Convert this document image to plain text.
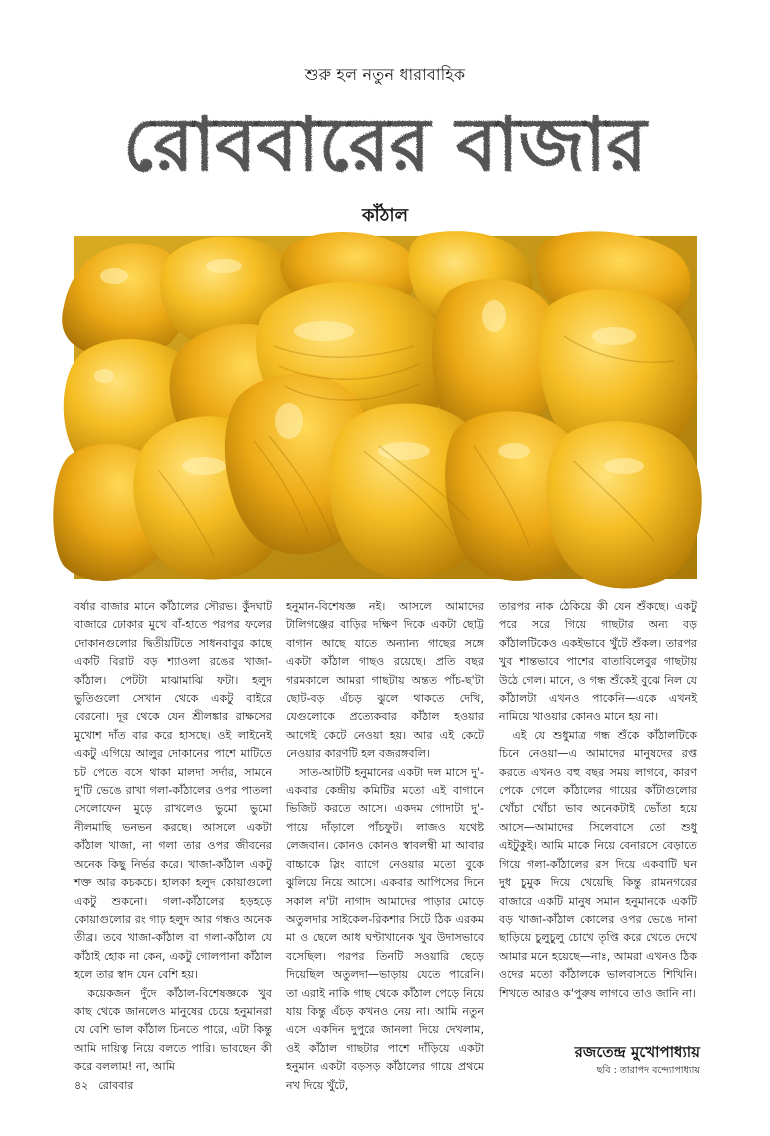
শুরু হল নতুন ধারাবাহিক
রোববারের বাজার
কাঁঠাল

বর্ষার বাজার মানে কাঁঠালের সৌরভ। কুঁদঘাট বাজারে ঢোকার মুখে বাঁ-হাতে পরপর ফলের দোকানগুলোর দ্বিতীয়টিতে সাধনবাবুর কাছে একটি বিরাট বড় শ্যাওলা রঙের খাজা-কাঁঠাল। পেটটা মাঝামাঝি ফটা। হলুদ ভুতিগুলো সেখান থেকে একটু বাইরে বেরনো। দূর থেকে যেন শ্রীলঙ্কার রাক্ষসের মুখোশ দাঁত বার করে হাসছে। ওই লাইনেই একটু এগিয়ে আলুর দোকানের পাশে মাটিতে চট পেতে বসে থাকা মালদা সর্দার, সামনে দু'টি ভেঙে রাখা গলা-কাঁঠালের ওপর পাতলা সেলোফেন মুড়ে রাখলেও ভুমো ভুমো নীলমাছি ভনভন করছে। আসলে একটা কাঁঠাল খাজা, না গলা তার ওপর জীবনের অনেক কিছু নির্ভর করে। খাজা-কাঁঠাল একটু শক্ত আর কচকচে। হালকা হলুদ কোয়াগুলো একটু শুকনো। গলা-কাঁঠালের হড়হড়ে কোয়াগুলোর রং গাঢ় হলুদ আর গন্ধও অনেক তীব্র। তবে খাজা-কাঁঠাল বা গলা-কাঁঠাল যে কাঁঠাই হোক না কেন, একটু গোলপানা কাঁঠাল হলে তার স্বাদ যেন বেশি হয়।

কয়েকজন দুঁদে কাঁঠাল-বিশেষজ্ঞকে খুব কাছ থেকে জানলেও মানুষের চেয়ে হনুমানরা যে বেশি ভাল কাঁঠাল চিনতে পারে, এটা কিন্তু আমি দায়িত্ব নিয়ে বলতে পারি। ভাবছেন কী করে বললাম! না, আমি

হনুমান-বিশেষজ্ঞ নই। আসলে আমাদের টালিগঞ্জের বাড়ির দক্ষিণ দিকে একটা ছোট্ট বাগান আছে যাতে অন্যান্য গাছের সঙ্গে একটা কাঁঠাল গাছও রয়েছে। প্রতি বছর গরমকালে আমরা গাছটায় অন্তত পাঁচ-ছ'টা ছোট-বড় এঁচড় ঝুলে থাকতে দেখি, যেগুলোকে প্রত্যেকবার কাঁঠাল হওয়ার আগেই কেটে নেওয়া হয়। আর এই কেটে নেওয়ার কারণটি হল বজরঙ্গবলি।

সাত-আটটি হনুমানের একটা দল মাসে দু'-একবার কেন্দ্রীয় কমিটির মতো এই বাগানে ভিজিট করতে আসে। একদম গোদাটা দু'-পায়ে দাঁড়ালে পাঁচফুট। লাজও যথেষ্ট লেজবান। কোনও কোনও স্বাবলম্বী মা আবার বাচ্চাকে স্লিং ব্যাগে নেওয়ার মতো বুকে ঝুলিয়ে নিয়ে আসে। একবার আপিসের দিনে সকাল ন'টা নাগাদ আমাদের পাড়ার মোড়ে অতুলদার সাইকেল-রিকশার সিটে ঠিক এরকম মা ও ছেলে আধ ঘণ্টাখানেক খুব উদাসভাবে বসেছিল। পরপর তিনটি সওয়ারি ছেড়ে দিয়েছিল অতুলদা—ভাড়ায় যেতে পারেনি। তা এরাই নাকি গাছ থেকে কাঁঠাল পেড়ে নিয়ে যায় কিন্তু এঁচড় কখনও নেয় না। আমি নতুন এসে একদিন দুপুরে জানলা দিয়ে দেখলাম, ওই কাঁঠাল গাছটার পাশে দাঁড়িয়ে একটা হনুমান একটা বড়সড় কাঁঠালের গায়ে প্রথমে নখ দিয়ে খুঁটে,

তারপর নাক ঠেকিয়ে কী যেন শুঁকছে। একটু পরে সরে গিয়ে গাছটার অন্য বড় কাঁঠালটিকেও একইভাবে খুঁটে শুঁকল। তারপর খুব শান্তভাবে পাশের বাতাবিলেবুর গাছটায় উঠে গেল। মানে, ও গন্ধ শুঁকেই বুঝে নিল যে কাঁঠালটা এখনও পাকেনি—একে এখনই নামিয়ে খাওয়ার কোনও মানে হয় না।

এই যে শুধুমাত্র গন্ধ শুঁকে কাঁঠালটিকে চিনে নেওয়া—এ আমাদের মানুষদের রপ্ত করতে এখনও বহু বছর সময় লাগবে, কারণ পেকে গেলে কাঁঠালের গায়ের কাঁটাগুলোর খোঁচা খোঁচা ভাব অনেকটাই ভোঁতা হয়ে আসে—আমাদের সিলেবাসে তো শুধু এইটুকুই। আমি মাকে নিয়ে বেনারসে বেড়াতে গিয়ে গলা-কাঁঠালের রস দিয়ে একবাটি ঘন দুধ চুমুক দিয়ে খেয়েছি কিন্তু রামনগরের বাজারে একটি মানুষ সমান হনুমানকে একটি বড় খাজা-কাঁঠাল কোলের ওপর ভেঙে দানা ছাড়িয়ে চুলুচুলু চোখে তৃপ্তি করে খেতে দেখে আমার মনে হয়েছে—নাঃ, আমরা এখনও ঠিক ওদের মতো কাঁঠালকে ভালবাসতে শিখিনি। শিখতে আরও ক'পুরুষ লাগবে তাও জানি না।

রজতেন্দ্র মুখোপাধ্যায়
ছবি : তারাপদ বন্দ্যোপাধ্যায়
৪২ রোববার
